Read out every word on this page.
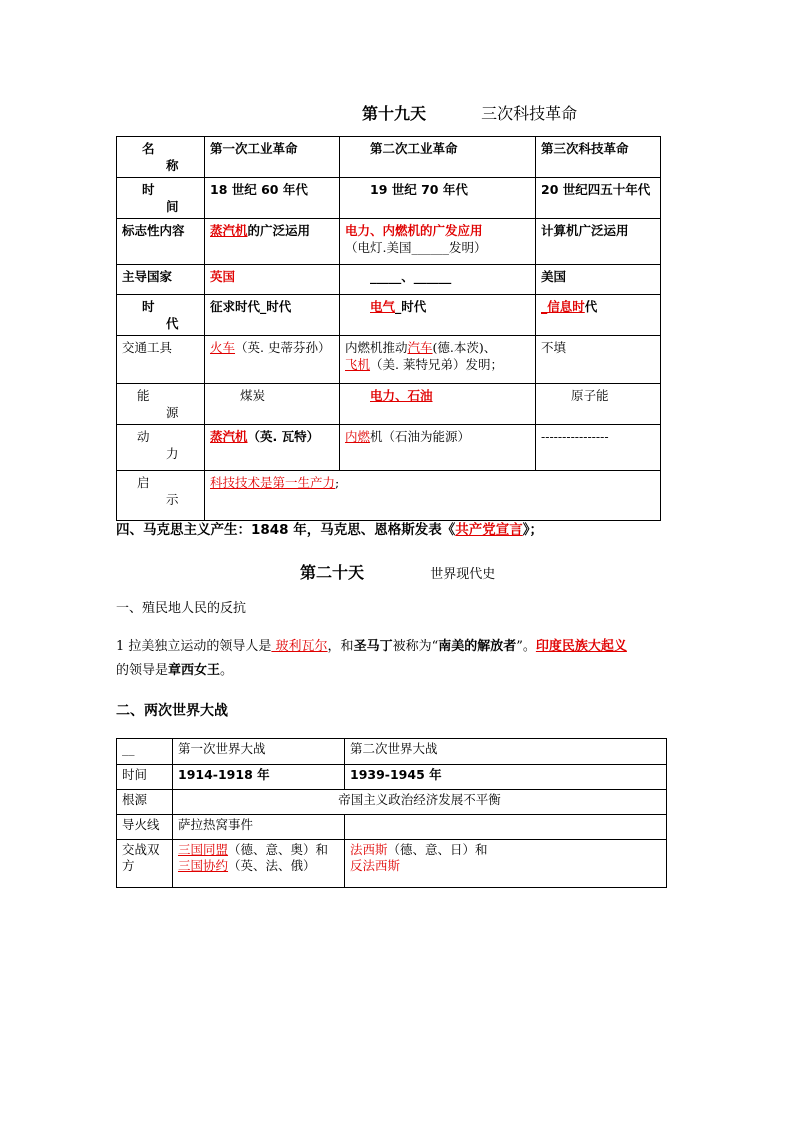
第十九天	三次科技革命
名
称	第一次工业革命	第二次工业革命	第三次科技革命

时
间	18 世纪 60 年代	19 世纪 70 年代	20 世纪四五十年代
标志性内容	蒸汽机的广泛运用	电力、内燃机的广发应用
（电灯.美国______发明）	计算机广泛运用
主导国家	英国	_____、______	美国

时
代	征求时代_时代	电气_时代	_信息时代
交通工具	火车（英. 史蒂芬孙）	内燃机推动汽车(德.本茨)、
飞机（美. 莱特兄弟）发明；	不填

能
源	煤炭	电力、石油	原子能

动
力	蒸汽机（英. 瓦特）	内燃机（石油为能源）	----------------

启
示	科技技术是第一生产力;		
四、马克思主义产生：1848 年，马克思、恩格斯发表《共产党宣言》；
第二十天	世界现代史
一、殖民地人民的反抗
1 拉美独立运动的领导人是 玻利瓦尔，和圣马丁被称为“南美的解放者”。印度民族大起义
的领导是章西女王。
二、两次世界大战
__	第一次世界大战	第二次世界大战
时间	1914-1918 年	1939-1945 年
根源	帝国主义政治经济发展不平衡	
导火线	萨拉热窝事件	
交战双方	三国同盟（德、意、奥）和三国协约（英、法、俄）	法西斯（德、意、日）和
反法西斯
